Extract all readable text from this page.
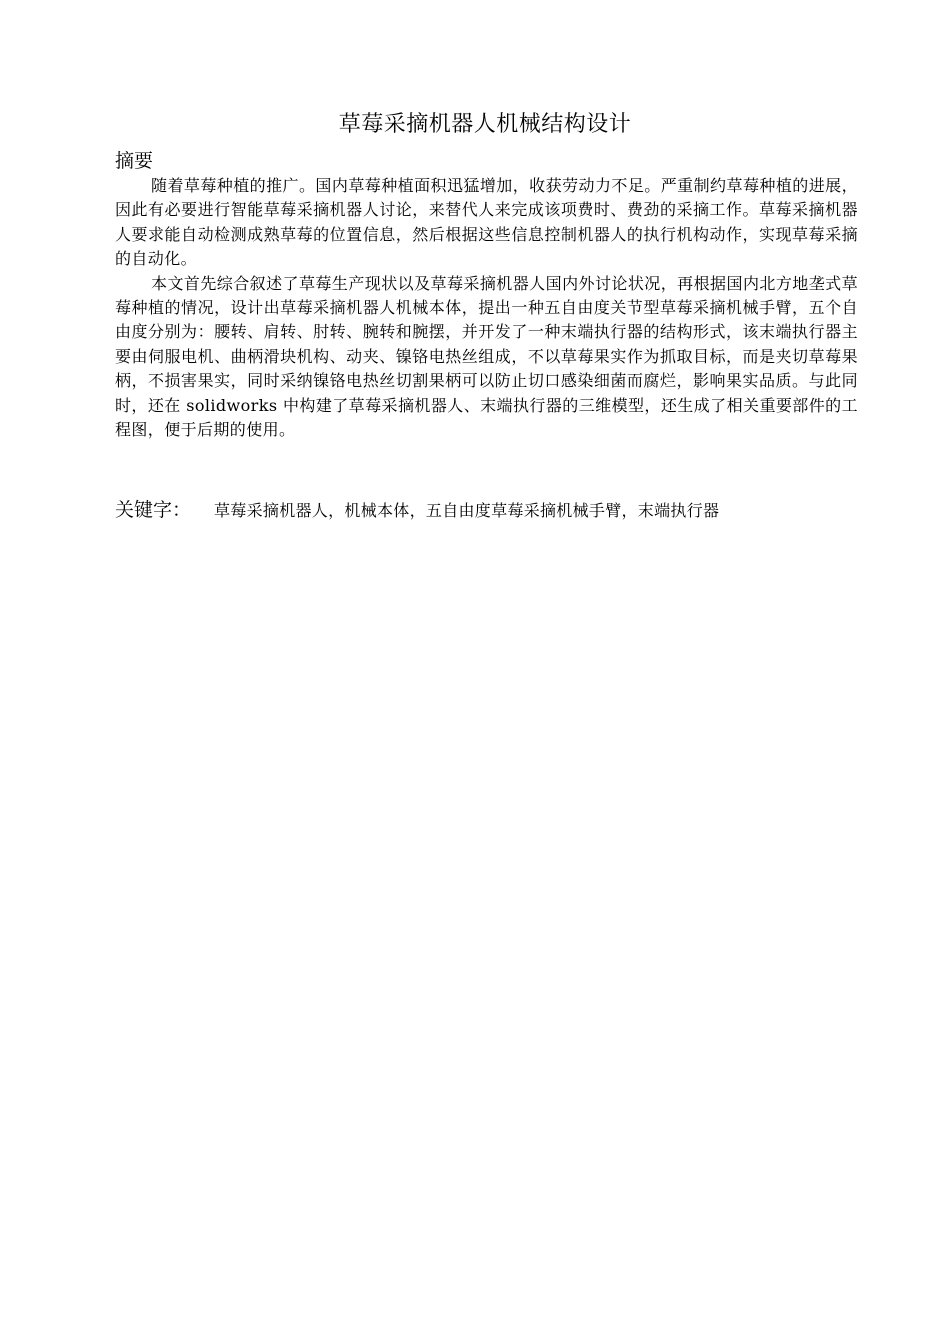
草莓采摘机器人机械结构设计
摘要

随着草莓种植的推广。国内草莓种植面积迅猛增加，收获劳动力不足。严重制约草莓种植的进展，因此有必要进行智能草莓采摘机器人讨论，来替代人来完成该项费时、费劲的采摘工作。草莓采摘机器人要求能自动检测成熟草莓的位置信息，然后根据这些信息控制机器人的执行机构动作，实现草莓采摘的自动化。

本文首先综合叙述了草莓生产现状以及草莓采摘机器人国内外讨论状况，再根据国内北方地垄式草莓种植的情况，设计出草莓采摘机器人机械本体，提出一种五自由度关节型草莓采摘机械手臂，五个自由度分别为：腰转、肩转、肘转、腕转和腕摆，并开发了一种末端执行器的结构形式，该末端执行器主要由伺服电机、曲柄滑块机构、动夹、镍铬电热丝组成，不以草莓果实作为抓取目标，而是夹切草莓果柄，不损害果实，同时采纳镍铬电热丝切割果柄可以防止切口感染细菌而腐烂，影响果实品质。与此同时，还在 solidworks 中构建了草莓采摘机器人、末端执行器的三维模型，还生成了相关重要部件的工程图，便于后期的使用。

关键字： 草莓采摘机器人，机械本体，五自由度草莓采摘机械手臂，末端执行器
